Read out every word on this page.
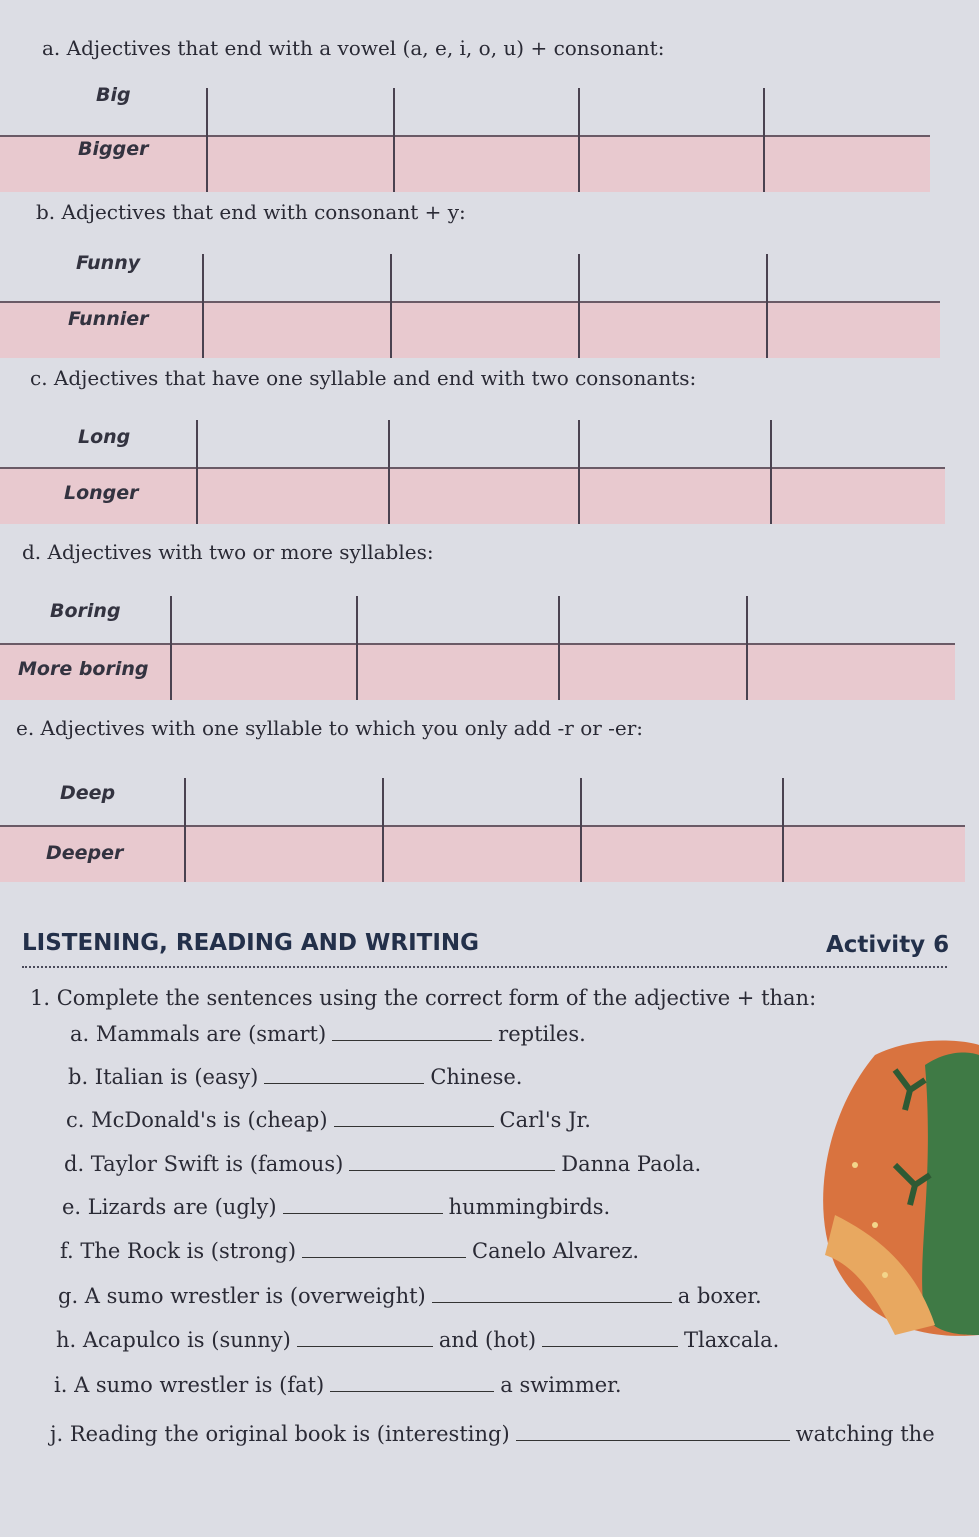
a. Adjectives that end with a vowel (a, e, i, o, u) + consonant:
Big
Bigger
b. Adjectives that end with consonant + y:
Funny
Funnier
c. Adjectives that have one syllable and end with two consonants:
Long
Longer
d. Adjectives with two or more syllables:
Boring
More boring
e. Adjectives with one syllable to which you only add -r or -er:
Deep
Deeper
LISTENING, READING AND WRITING	Activity 6
1. Complete the sentences using the correct form of the adjective + than:
a. Mammals are (smart)	reptiles.
b. Italian is (easy)	Chinese.
c. McDonald's is (cheap)	Carl's Jr.
d. Taylor Swift is (famous)	Danna Paola.
e. Lizards are (ugly)	hummingbirds.
f. The Rock is (strong)	Canelo Alvarez.
g. A sumo wrestler is (overweight)	a boxer.
h. Acapulco is (sunny)	and (hot)	Tlaxcala.
i. A sumo wrestler is (fat)	a swimmer.
j. Reading the original book is (interesting)	watching the
